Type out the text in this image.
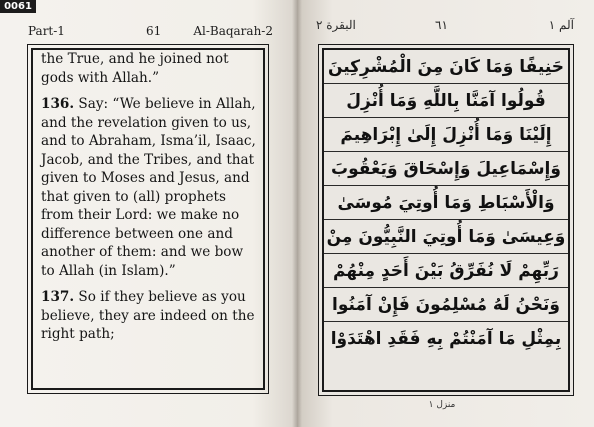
0061
Part-1	61	Al-Baqarah-2

the True, and he joined not gods with Allah.”

136. Say: “We believe in Allah, and the revelation given to us, and to Abraham, Isma’il, Isaac, Jacob, and the Tribes, and that given to Moses and Jesus, and that given to (all) prophets from their Lord: we make no difference between one and another of them: and we bow to Allah (in Islam).”

137. So if they believe as you believe, they are indeed on the right path;

البقرة ٢	٦١	آلم ١
حَنِيفًا وَمَا كَانَ مِنَ الْمُشْرِكِينَ
قُولُوا آمَنَّا بِاللَّهِ وَمَا أُنْزِلَ
إِلَيْنَا وَمَا أُنْزِلَ إِلَىٰ إِبْرَاهِيمَ
وَإِسْمَاعِيلَ وَإِسْحَاقَ وَيَعْقُوبَ
وَالْأَسْبَاطِ وَمَا أُوتِيَ مُوسَىٰ
وَعِيسَىٰ وَمَا أُوتِيَ النَّبِيُّونَ مِنْ
رَبِّهِمْ لَا نُفَرِّقُ بَيْنَ أَحَدٍ مِنْهُمْ
وَنَحْنُ لَهُ مُسْلِمُونَ فَإِنْ آمَنُوا
بِمِثْلِ مَا آمَنْتُمْ بِهِ فَقَدِ اهْتَدَوْا
منزل ١
